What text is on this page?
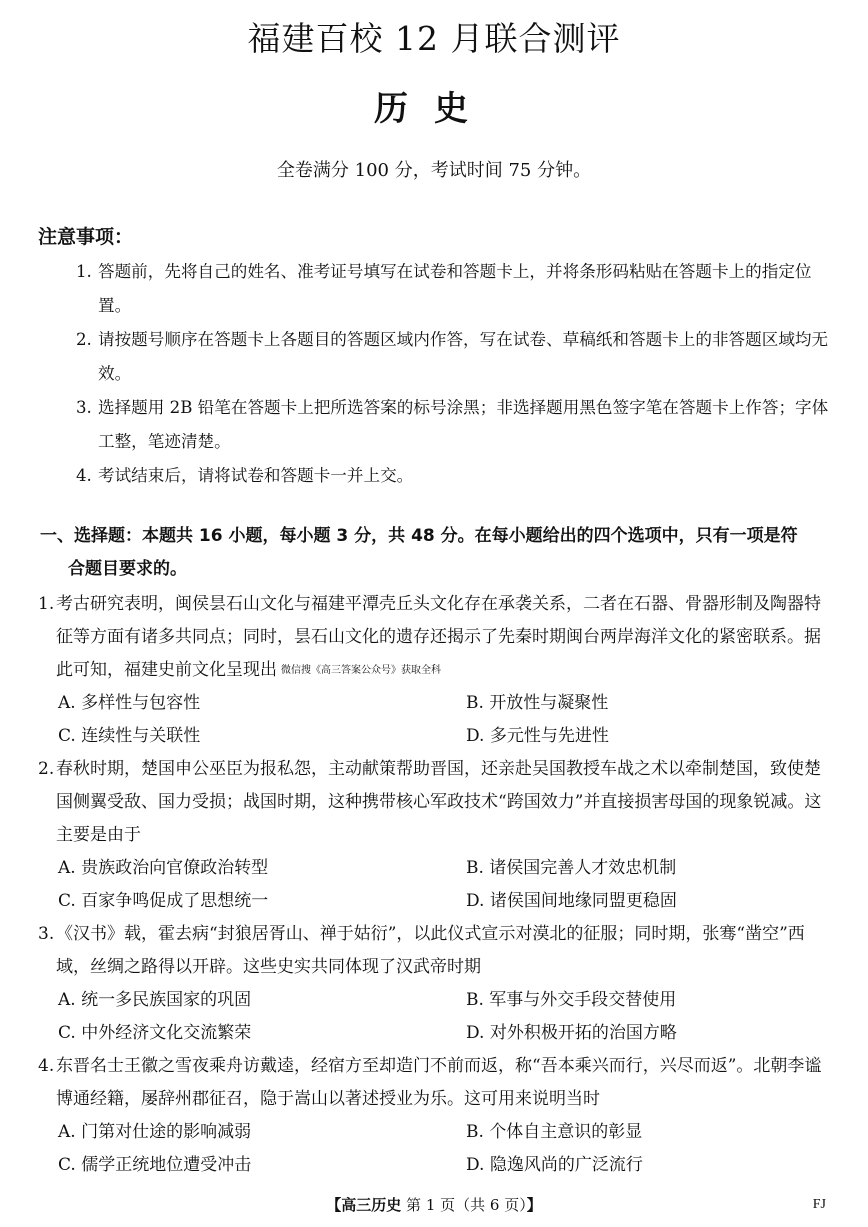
福建百校 12 月联合测评
历史
全卷满分 100 分，考试时间 75 分钟。
注意事项：
1. 答题前，先将自己的姓名、准考证号填写在试卷和答题卡上，并将条形码粘贴在答题卡上的指定位置。
2. 请按题号顺序在答题卡上各题目的答题区域内作答，写在试卷、草稿纸和答题卡上的非答题区域均无效。
3. 选择题用 2B 铅笔在答题卡上把所选答案的标号涂黑；非选择题用黑色签字笔在答题卡上作答；字体工整，笔迹清楚。
4. 考试结束后，请将试卷和答题卡一并上交。
一、选择题：本题共 16 小题，每小题 3 分，共 48 分。在每小题给出的四个选项中，只有一项是符
合题目要求的。
1. 考古研究表明，闽侯昙石山文化与福建平潭壳丘头文化存在承袭关系，二者在石器、骨器形制及陶器特征等方面有诸多共同点；同时，昙石山文化的遗存还揭示了先秦时期闽台两岸海洋文化的紧密联系。据此可知，福建史前文化呈现出 微信搜《高三答案公众号》获取全科
A. 多样性与包容性	B. 开放性与凝聚性
C. 连续性与关联性	D. 多元性与先进性
2. 春秋时期，楚国申公巫臣为报私怨，主动献策帮助晋国，还亲赴吴国教授车战之术以牵制楚国，致使楚国侧翼受敌、国力受损；战国时期，这种携带核心军政技术“跨国效力”并直接损害母国的现象锐减。这主要是由于
A. 贵族政治向官僚政治转型	B. 诸侯国完善人才效忠机制
C. 百家争鸣促成了思想统一	D. 诸侯国间地缘同盟更稳固
3. 《汉书》载，霍去病“封狼居胥山、禅于姑衍”，以此仪式宣示对漠北的征服；同时期，张骞“凿空”西域，丝绸之路得以开辟。这些史实共同体现了汉武帝时期
A. 统一多民族国家的巩固	B. 军事与外交手段交替使用
C. 中外经济文化交流繁荣	D. 对外积极开拓的治国方略
4. 东晋名士王徽之雪夜乘舟访戴逵，经宿方至却造门不前而返，称“吾本乘兴而行，兴尽而返”。北朝李谧博通经籍，屡辞州郡征召，隐于嵩山以著述授业为乐。这可用来说明当时
A. 门第对仕途的影响减弱	B. 个体自主意识的彰显
C. 儒学正统地位遭受冲击	D. 隐逸风尚的广泛流行
【高三历史 第 1 页（共 6 页）】	FJ
